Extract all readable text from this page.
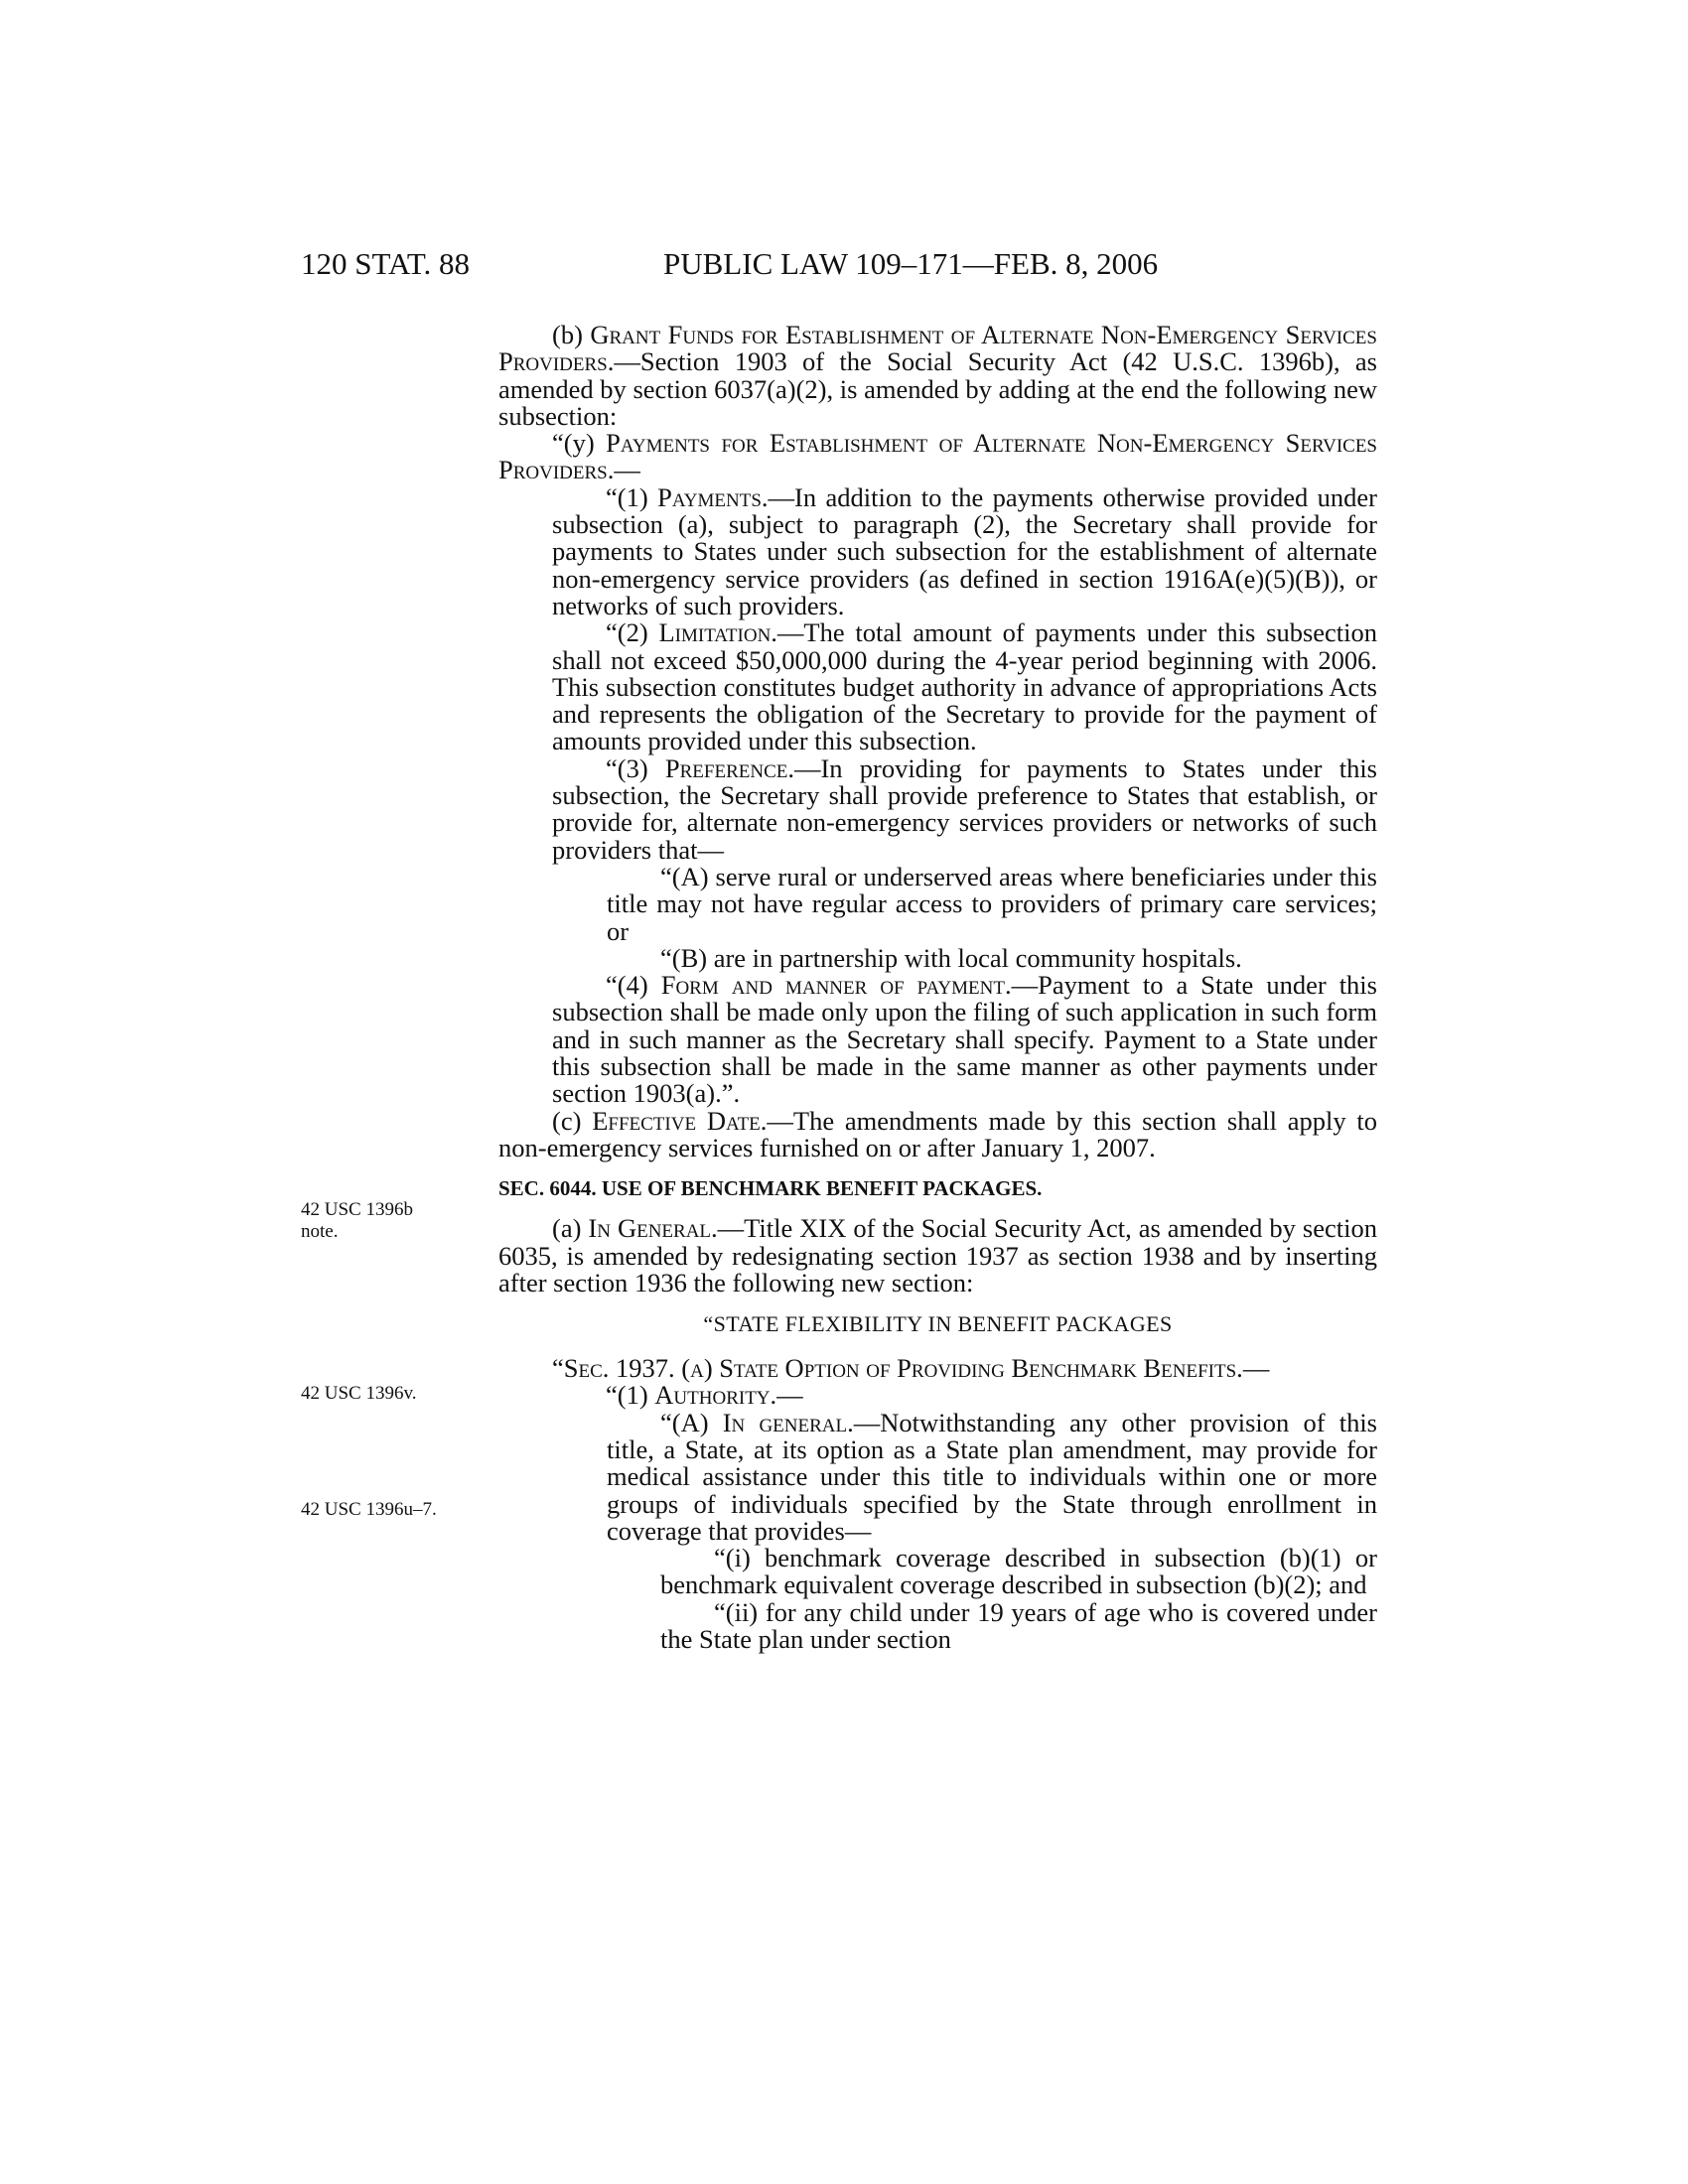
120 STAT. 88	PUBLIC LAW 109–171—FEB. 8, 2006
42 USC 1396b note.
42 USC 1396v.
42 USC 1396u–7.

(b) Grant Funds for Establishment of Alternate Non-Emergency Services Providers.—Section 1903 of the Social Security Act (42 U.S.C. 1396b), as amended by section 6037(a)(2), is amended by adding at the end the following new subsection:

“(y) Payments for Establishment of Alternate Non-Emergency Services Providers.—

“(1) Payments.—In addition to the payments otherwise provided under subsection (a), subject to paragraph (2), the Secretary shall provide for payments to States under such subsection for the establishment of alternate non-emergency service providers (as defined in section 1916A(e)(5)(B)), or networks of such providers.

“(2) Limitation.—The total amount of payments under this subsection shall not exceed $50,000,000 during the 4-year period beginning with 2006. This subsection constitutes budget authority in advance of appropriations Acts and represents the obligation of the Secretary to provide for the payment of amounts provided under this subsection.

“(3) Preference.—In providing for payments to States under this subsection, the Secretary shall provide preference to States that establish, or provide for, alternate non-emergency services providers or networks of such providers that—

“(A) serve rural or underserved areas where beneficiaries under this title may not have regular access to providers of primary care services; or

“(B) are in partnership with local community hospitals.

“(4) Form and manner of payment.—Payment to a State under this subsection shall be made only upon the filing of such application in such form and in such manner as the Secretary shall specify. Payment to a State under this subsection shall be made in the same manner as other payments under section 1903(a).”.

(c) Effective Date.—The amendments made by this section shall apply to non-emergency services furnished on or after January 1, 2007.

SEC. 6044. USE OF BENCHMARK BENEFIT PACKAGES.

(a) In General.—Title XIX of the Social Security Act, as amended by section 6035, is amended by redesignating section 1937 as section 1938 and by inserting after section 1936 the following new section:

“STATE FLEXIBILITY IN BENEFIT PACKAGES

“Sec. 1937. (a) State Option of Providing Benchmark Benefits.—

“(1) Authority.—

“(A) In general.—Notwithstanding any other provision of this title, a State, at its option as a State plan amendment, may provide for medical assistance under this title to individuals within one or more groups of individuals specified by the State through enrollment in coverage that provides—

“(i) benchmark coverage described in subsection (b)(1) or benchmark equivalent coverage described in subsection (b)(2); and

“(ii) for any child under 19 years of age who is covered under the State plan under section
